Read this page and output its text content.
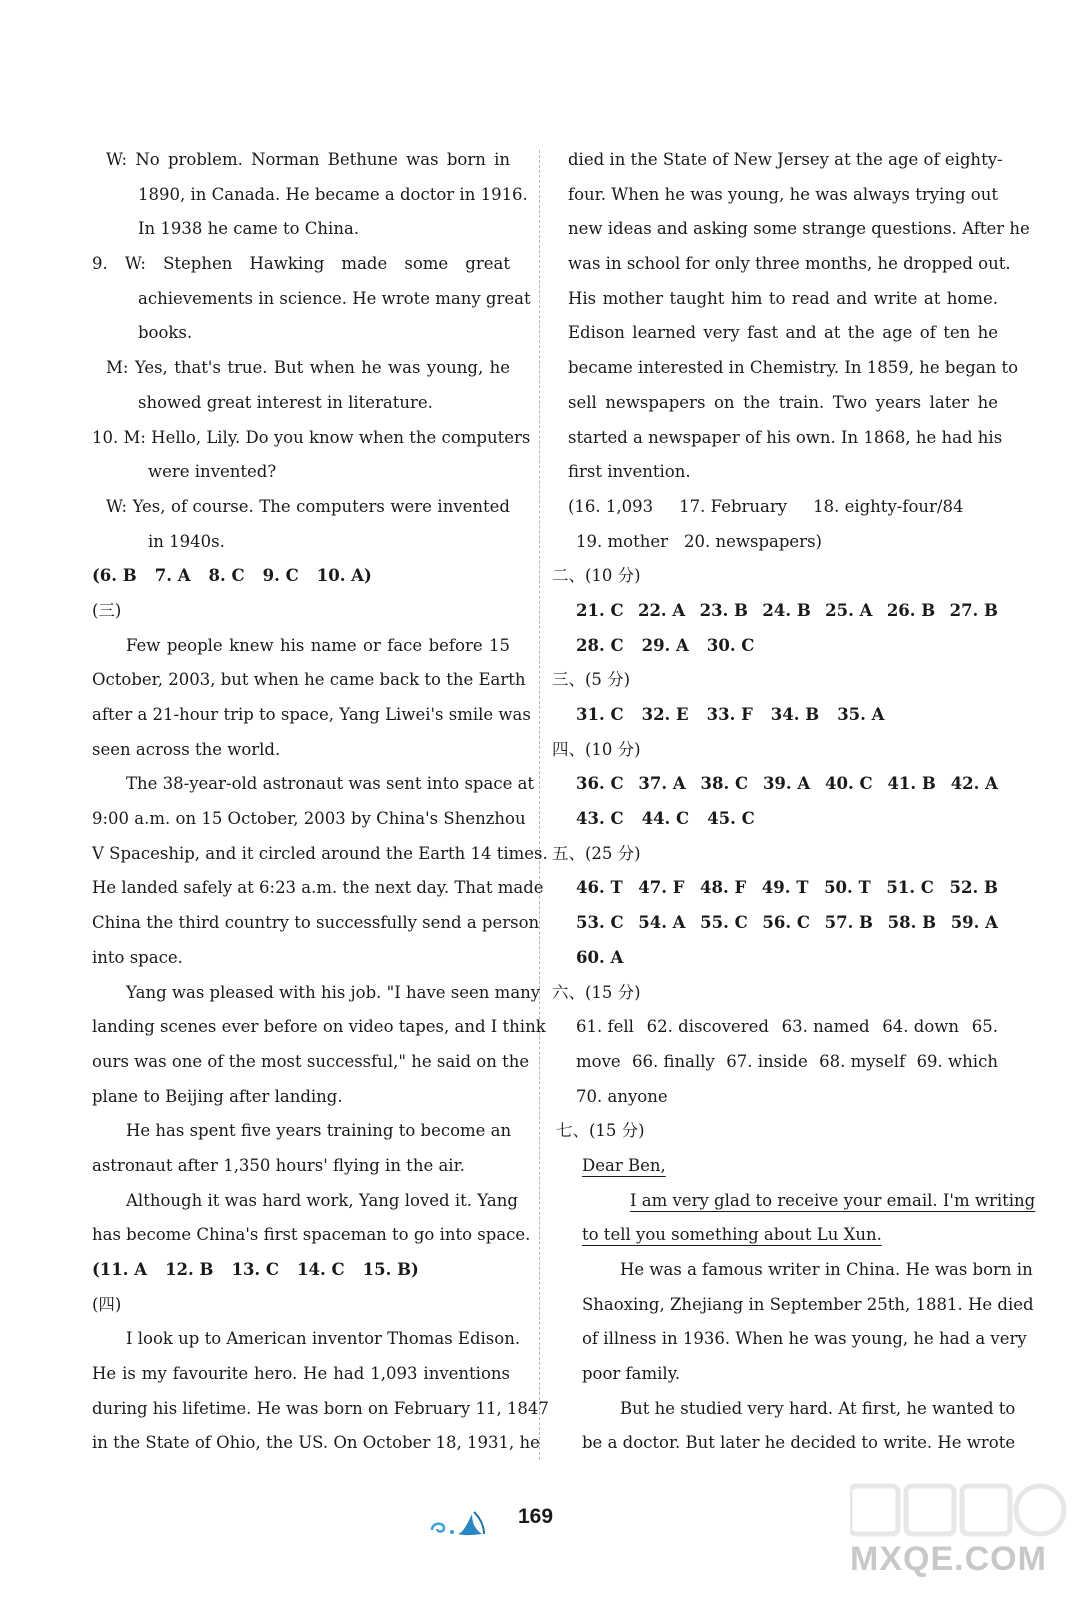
W: No problem. Norman Bethune was born in
1890, in Canada. He became a doctor in 1916.
In 1938 he came to China.
9. W: Stephen Hawking made some great
achievements in science. He wrote many great
books.
M: Yes, that's true. But when he was young, he
showed great interest in literature.
10. M: Hello, Lily. Do you know when the computers
were invented?
W: Yes, of course. The computers were invented
in 1940s.
(6. B 7. A 8. C 9. C 10. A)
(三)
Few people knew his name or face before 15
October, 2003, but when he came back to the Earth
after a 21-hour trip to space, Yang Liwei's smile was
seen across the world.
The 38-year-old astronaut was sent into space at
9:00 a.m. on 15 October, 2003 by China's Shenzhou
V Spaceship, and it circled around the Earth 14 times.
He landed safely at 6:23 a.m. the next day. That made
China the third country to successfully send a person
into space.
Yang was pleased with his job. "I have seen many
landing scenes ever before on video tapes, and I think
ours was one of the most successful," he said on the
plane to Beijing after landing.
He has spent five years training to become an
astronaut after 1,350 hours' flying in the air.
Although it was hard work, Yang loved it. Yang
has become China's first spaceman to go into space.
(11. A 12. B 13. C 14. C 15. B)
(四)
I look up to American inventor Thomas Edison.
He is my favourite hero. He had 1,093 inventions
during his lifetime. He was born on February 11, 1847
in the State of Ohio, the US. On October 18, 1931, he
died in the State of New Jersey at the age of eighty-
four. When he was young, he was always trying out
new ideas and asking some strange questions. After he
was in school for only three months, he dropped out.
His mother taught him to read and write at home.
Edison learned very fast and at the age of ten he
became interested in Chemistry. In 1859, he began to
sell newspapers on the train. Two years later he
started a newspaper of his own. In 1868, he had his
first invention.
(16. 1,093 17. February 18. eighty-four/84
19. mother 20. newspapers)
二、(10 分)
21. C 22. A 23. B 24. B 25. A 26. B 27. B
28. C 29. A 30. C
三、(5 分)
31. C 32. E 33. F 34. B 35. A
四、(10 分)
36. C 37. A 38. C 39. A 40. C 41. B 42. A
43. C 44. C 45. C
五、(25 分)
46. T 47. F 48. F 49. T 50. T 51. C 52. B
53. C 54. A 55. C 56. C 57. B 58. B 59. A
60. A
六、(15 分)
61. fell 62. discovered 63. named 64. down 65.
move 66. finally 67. inside 68. myself 69. which
70. anyone
七、(15 分)
Dear Ben,
I am very glad to receive your email. I'm writing
to tell you something about Lu Xun.
He was a famous writer in China. He was born in
Shaoxing, Zhejiang in September 25th, 1881. He died
of illness in 1936. When he was young, he had a very
poor family.
But he studied very hard. At first, he wanted to
be a doctor. But later he decided to write. He wrote
169
MXQE.COM
